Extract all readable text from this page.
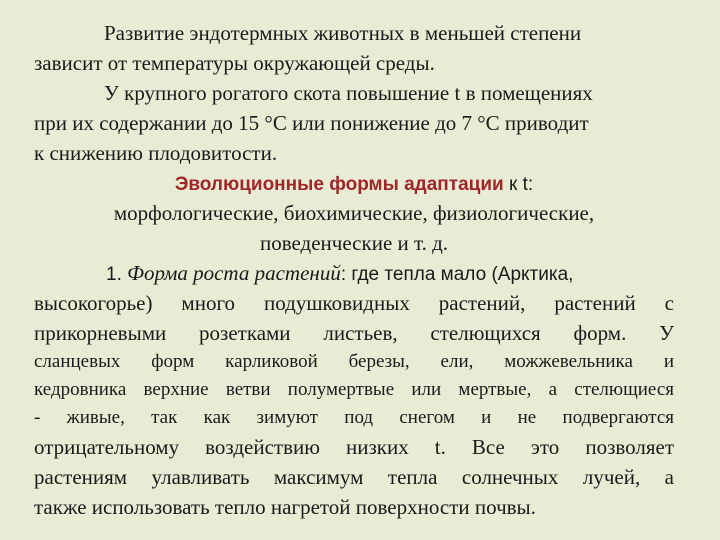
Развитие эндотермных животных в меньшей степени
зависит от температуры окружающей среды.
У крупного рогатого скота повышение t в помещениях
при их содержании до 15 °C или понижение до 7 °C приводит
к снижению плодовитости.
Эволюционные формы адаптации к t:
морфологические, биохимические, физиологические,
поведенческие и т. д.
1. Форма роста растений: где тепла мало (Арктика,
высокогорье) много подушковидных растений, растений с
прикорневыми розетками листьев, стелющихся форм. У
сланцевых форм карликовой березы, ели, можжевельника и
кедровника верхние ветви полумертвые или мертвые, а стелющиеся
- живые, так как зимуют под снегом и не подвергаются
отрицательному воздействию низких t. Все это позволяет
растениям улавливать максимум тепла солнечных лучей, а
также использовать тепло нагретой поверхности почвы.
